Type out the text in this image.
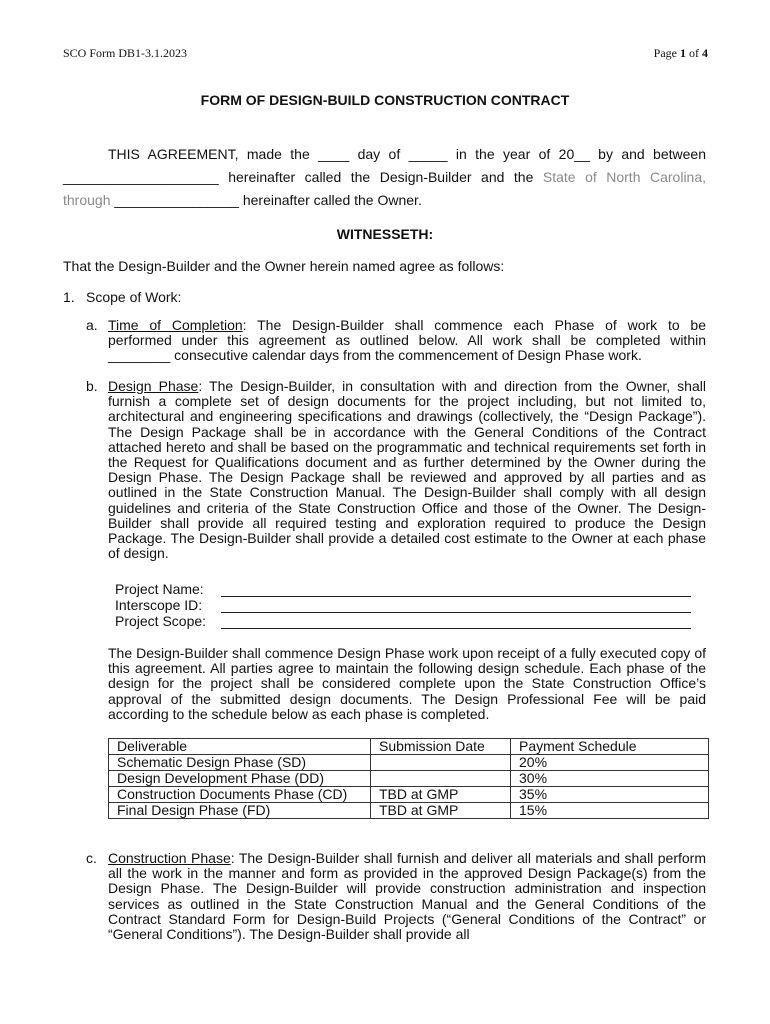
SCO Form DB1-3.1.2023	Page 1 of 4
FORM OF DESIGN-BUILD CONSTRUCTION CONTRACT
THIS AGREEMENT, made the ____ day of _____ in the year of 20__ by and between
____________________ hereinafter called the Design-Builder and the State of North Carolina,
through ________________ hereinafter called the Owner.
WITNESSETH:
That the Design-Builder and the Owner herein named agree as follows:
1. Scope of Work:
a. Time of Completion: The Design-Builder shall commence each Phase of work to be
performed under this agreement as outlined below. All work shall be completed within
________ consecutive calendar days from the commencement of Design Phase work.
b. Design Phase: The Design-Builder, in consultation with and direction from the Owner, shall furnish a complete set of design documents for the project including, but not limited to, architectural and engineering specifications and drawings (collectively, the “Design Package”). The Design Package shall be in accordance with the General Conditions of the Contract attached hereto and shall be based on the programmatic and technical requirements set forth in the Request for Qualifications document and as further determined by the Owner during the Design Phase. The Design Package shall be reviewed and approved by all parties and as outlined in the State Construction Manual. The Design-Builder shall comply with all design guidelines and criteria of the State Construction Office and those of the Owner. The Design-Builder shall provide all required testing and exploration required to produce the Design Package. The Design-Builder shall provide a detailed cost estimate to the Owner at each phase of design.
Project Name:
Interscope ID:
Project Scope:
The Design-Builder shall commence Design Phase work upon receipt of a fully executed copy of this agreement. All parties agree to maintain the following design schedule. Each phase of the design for the project shall be considered complete upon the State Construction Office’s approval of the submitted design documents. The Design Professional Fee will be paid according to the schedule below as each phase is completed.
Deliverable	Submission Date	Payment Schedule
Schematic Design Phase (SD)		20%
Design Development Phase (DD)		30%
Construction Documents Phase (CD)	TBD at GMP	35%
Final Design Phase (FD)	TBD at GMP	15%
c. Construction Phase: The Design-Builder shall furnish and deliver all materials and shall perform all the work in the manner and form as provided in the approved Design Package(s) from the Design Phase. The Design-Builder will provide construction administration and inspection services as outlined in the State Construction Manual and the General Conditions of the Contract Standard Form for Design-Build Projects (“General Conditions of the Contract” or “General Conditions”). The Design-Builder shall provide all
